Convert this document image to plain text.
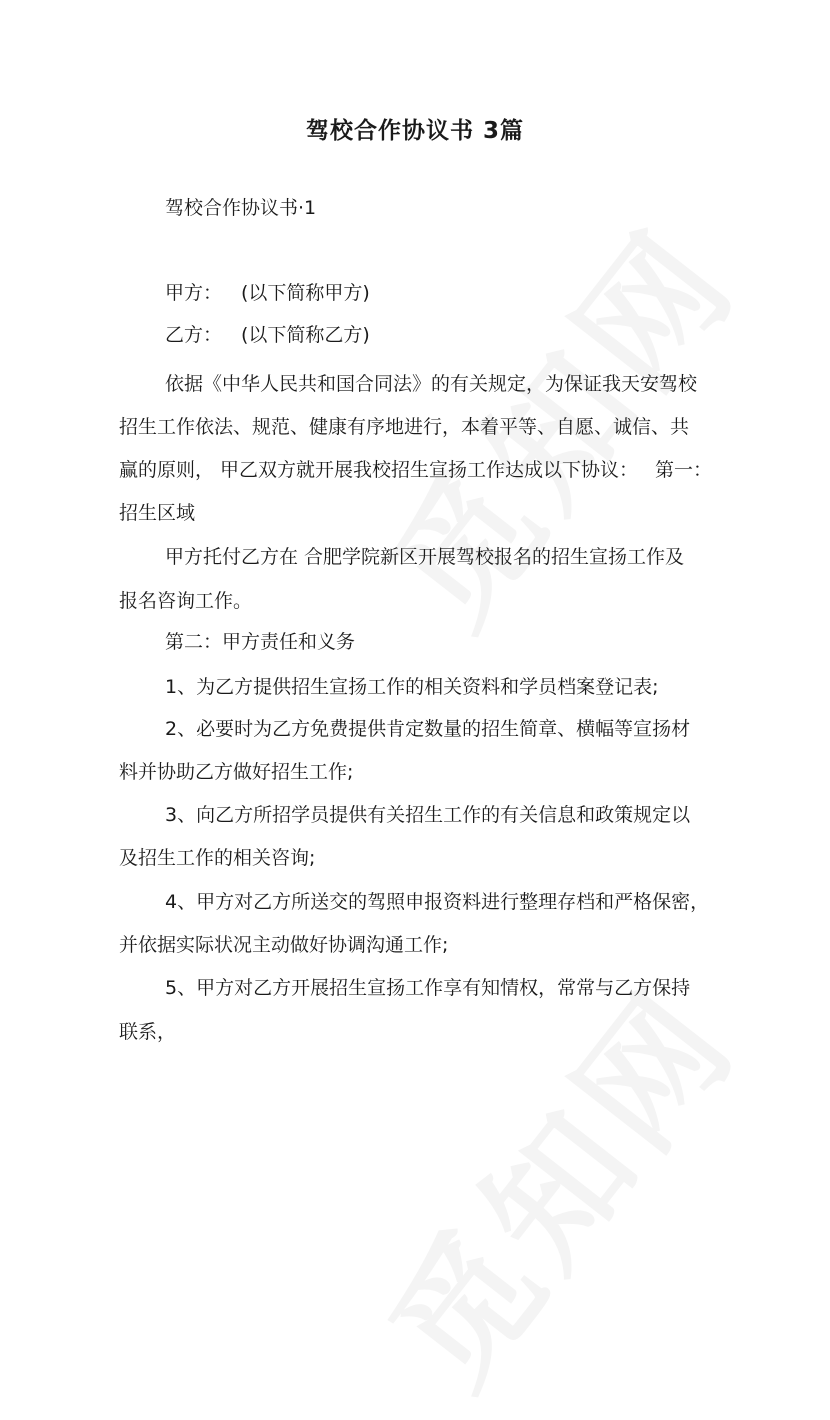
驾校合作协议书 3篇
驾校合作协议书·1
甲方： (以下简称甲方)
乙方： (以下简称乙方)
依据《中华人民共和国合同法》的有关规定，为保证我天安驾校
招生工作依法、规范、健康有序地进行，本着平等、自愿、诚信、共
赢的原则， 甲乙双方就开展我校招生宣扬工作达成以下协议： 第一：
招生区域
甲方托付乙方在 合肥学院新区开展驾校报名的招生宣扬工作及
报名咨询工作。
第二：甲方责任和义务
1、为乙方提供招生宣扬工作的相关资料和学员档案登记表;
2、必要时为乙方免费提供肯定数量的招生简章、横幅等宣扬材
料并协助乙方做好招生工作;
3、向乙方所招学员提供有关招生工作的有关信息和政策规定以
及招生工作的相关咨询;
4、甲方对乙方所送交的驾照申报资料进行整理存档和严格保密，
并依据实际状况主动做好协调沟通工作;
5、甲方对乙方开展招生宣扬工作享有知情权，常常与乙方保持
联系，
